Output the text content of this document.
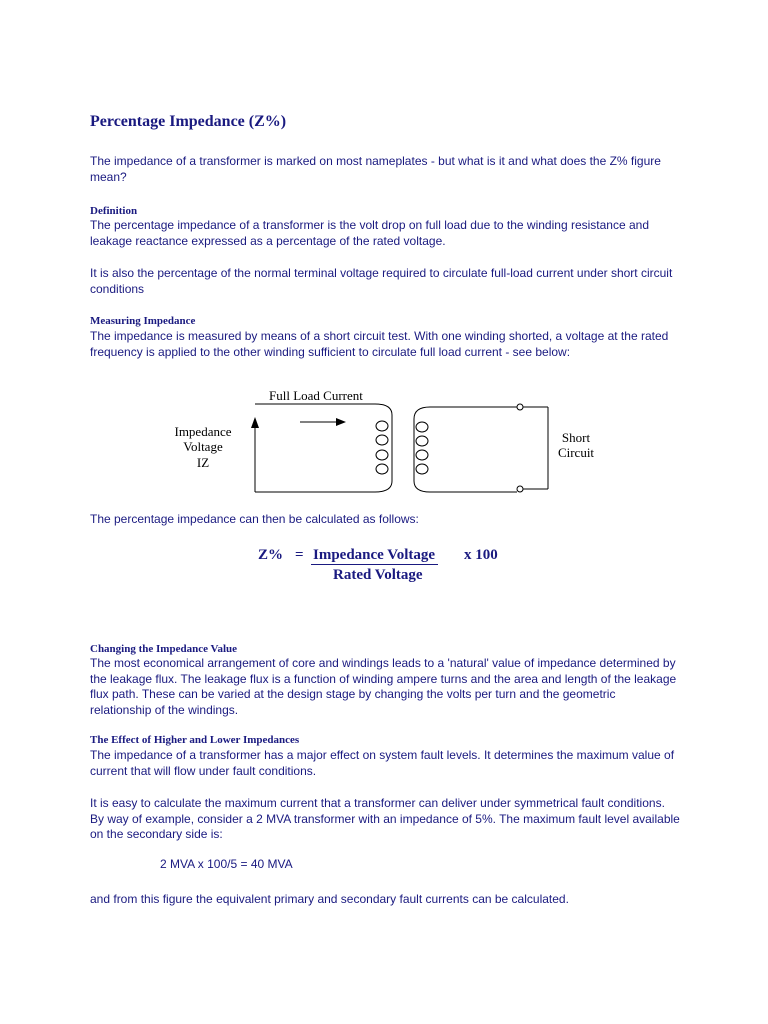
Percentage Impedance (Z%)
The impedance of a transformer is marked on most nameplates - but what is it and what does the Z% figure mean?
Definition
The percentage impedance of a transformer is the volt drop on full load due to the winding resistance and leakage reactance expressed as a percentage of the rated voltage.
It is also the percentage of the normal terminal voltage required to circulate full-load current under short circuit conditions
Measuring Impedance
The impedance is measured by means of a short circuit test. With one winding shorted, a voltage at the rated frequency is applied to the other winding sufficient to circulate full load current - see below:
The percentage impedance can then be calculated as follows:
Changing the Impedance Value
The most economical arrangement of core and windings leads to a 'natural' value of impedance determined by the leakage flux. The leakage flux is a function of winding ampere turns and the area and length of the leakage flux path. These can be varied at the design stage by changing the volts per turn and the geometric relationship of the windings.
The Effect of Higher and Lower Impedances
The impedance of a transformer has a major effect on system fault levels. It determines the maximum value of current that will flow under fault conditions.
It is easy to calculate the maximum current that a transformer can deliver under symmetrical fault conditions. By way of example, consider a 2 MVA transformer with an impedance of 5%. The maximum fault level available on the secondary side is:
and from this figure the equivalent primary and secondary fault currents can be calculated.
2 MVA x 100/5 = 40 MVA
Full Load Current
Impedance
Voltage
IZ
Short
Circuit
Z% = Impedance Voltage x 100
Rated Voltage
